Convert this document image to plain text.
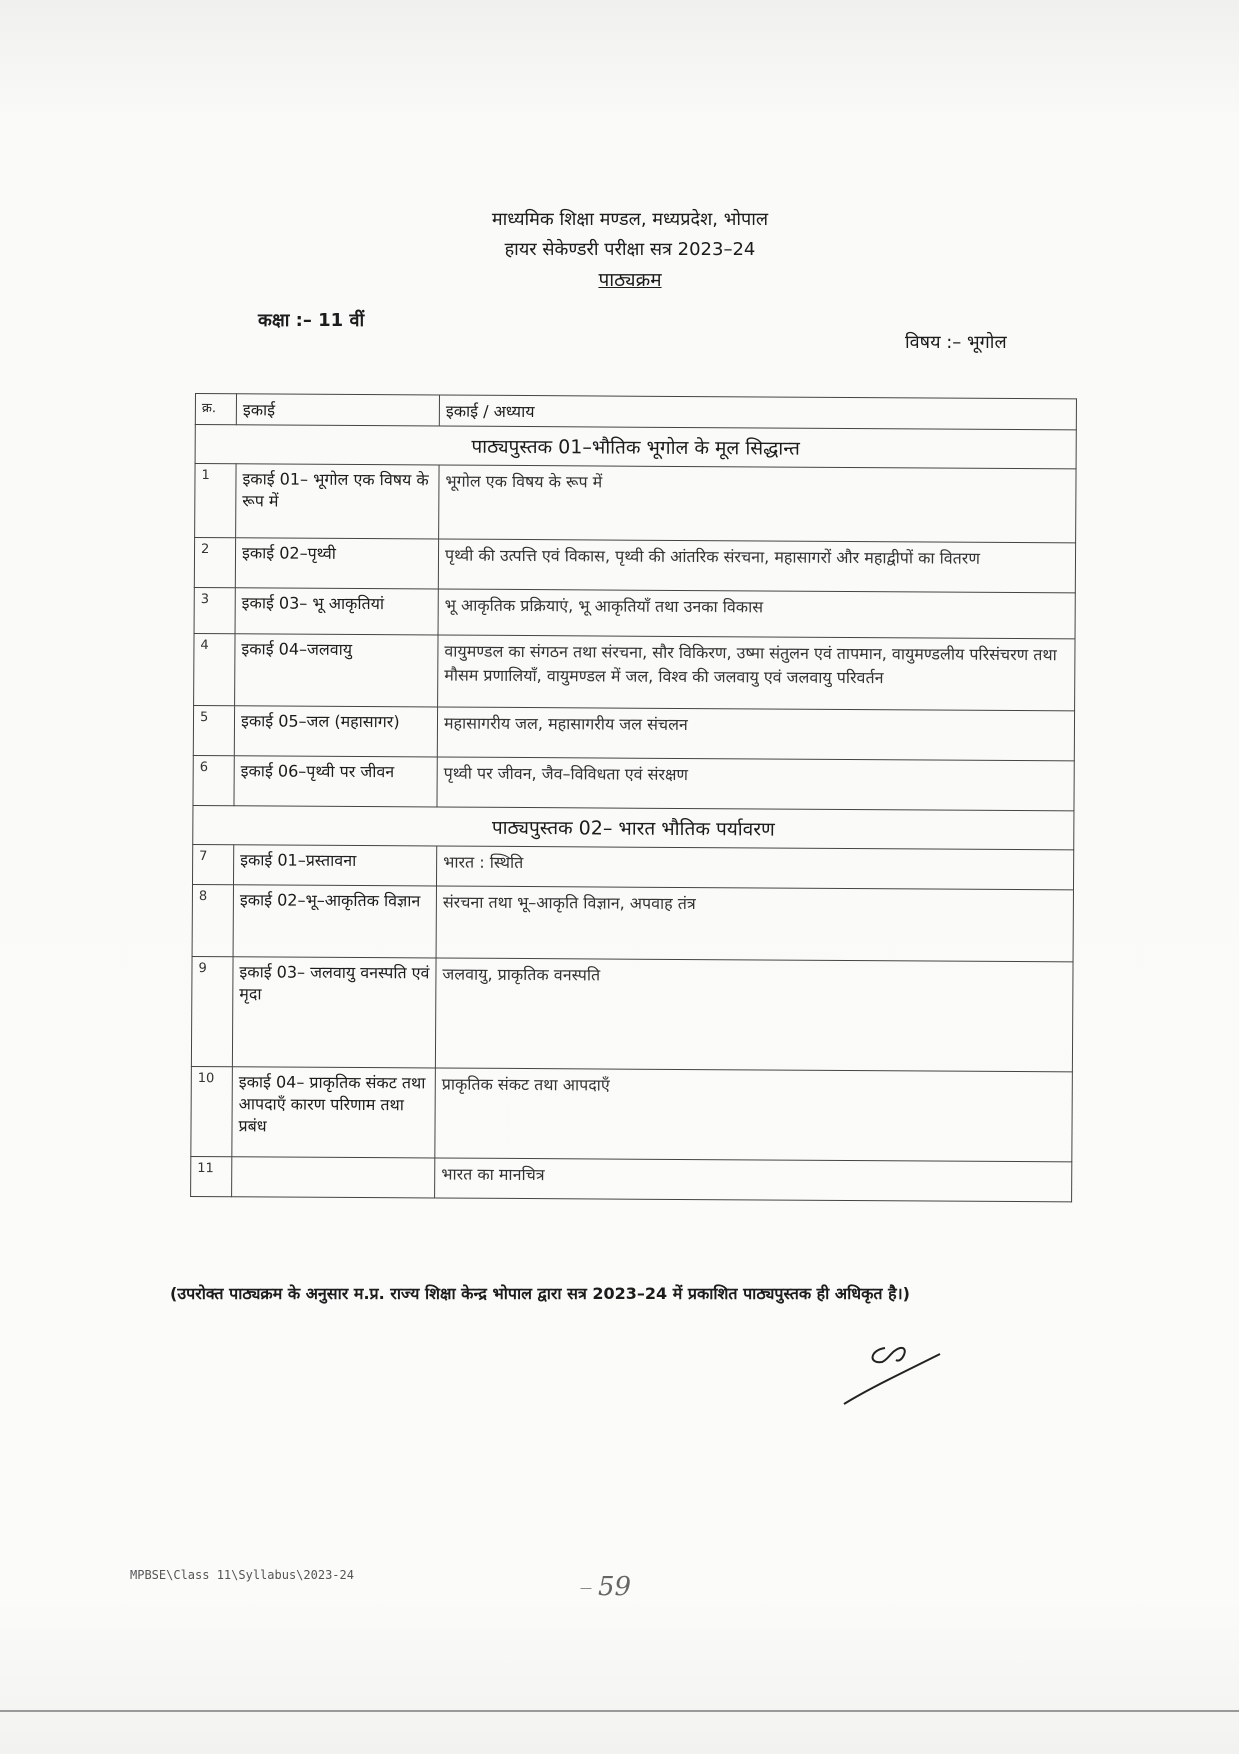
माध्यमिक शिक्षा मण्डल, मध्यप्रदेश, भोपाल
हायर सेकेण्डरी परीक्षा सत्र 2023–24
पाठ्यक्रम
कक्षा :– 11 वीं
विषय :– भूगोल
क्र.	इकाई	इकाई / अध्याय
पाठ्यपुस्तक 01–भौतिक भूगोल के मूल सिद्धान्त		
1	इकाई 01– भूगोल एक विषय के रूप में	भूगोल एक विषय के रूप में
2	इकाई 02–पृथ्वी	पृथ्वी की उत्पत्ति एवं विकास, पृथ्वी की आंतरिक संरचना, महासागरों और महाद्वीपों का वितरण
3	इकाई 03– भू आकृतियां	भू आकृतिक प्रक्रियाएं, भू आकृतियाँ तथा उनका विकास
4	इकाई 04–जलवायु	वायुमण्डल का संगठन तथा संरचना, सौर विकिरण, उष्मा संतुलन एवं तापमान, वायुमण्डलीय परिसंचरण तथा मौसम प्रणालियाँ, वायुमण्डल में जल, विश्व की जलवायु एवं जलवायु परिवर्तन
5	इकाई 05–जल (महासागर)	महासागरीय जल, महासागरीय जल संचलन
6	इकाई 06–पृथ्वी पर जीवन	पृथ्वी पर जीवन, जैव–विविधता एवं संरक्षण
पाठ्यपुस्तक 02– भारत भौतिक पर्यावरण		
7	इकाई 01–प्रस्तावना	भारत : स्थिति
8	इकाई 02–भू–आकृतिक विज्ञान	संरचना तथा भू–आकृति विज्ञान, अपवाह तंत्र
9	इकाई 03– जलवायु वनस्पति एवं मृदा	जलवायु, प्राकृतिक वनस्पति
10	इकाई 04– प्राकृतिक संकट तथा आपदाएँ कारण परिणाम तथा प्रबंध	प्राकृतिक संकट तथा आपदाएँ
11		भारत का मानचित्र
(उपरोक्त पाठ्यक्रम के अनुसार म.प्र. राज्य शिक्षा केन्द्र भोपाल द्वारा सत्र 2023–24 में प्रकाशित पाठ्यपुस्तक ही अधिकृत है।)
MPBSE\Class 11\Syllabus\2023-24
— 59
